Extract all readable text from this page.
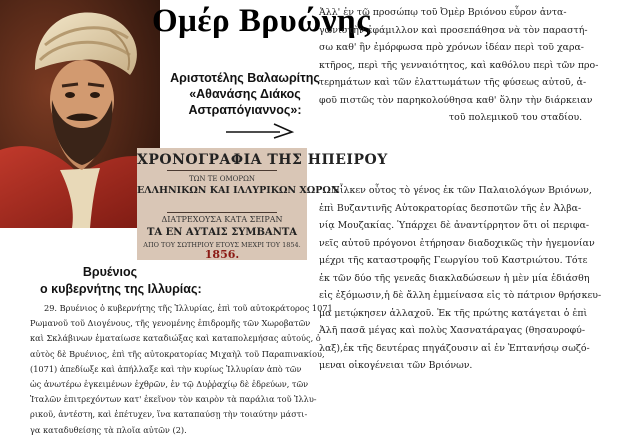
Ομέρ Βρυώνης
Αριστοτέλης Βαλαωρίτης
«Αθανάσης Διάκος
Αστραπόγιαννος»:
ΧΡΟΝΟΓΡΑΦΙΑ ΤΗΣ ΗΠΕΙΡΟΥ
ΤΩΝ ΤΕ ΟΜΟΡΩΝ
ΕΛΛΗΝΙΚΩΝ ΚΑΙ ΙΛΛΥΡΙΚΩΝ ΧΩΡΩΝ
ΔΙΑΤΡΕΧΟΥΣΑ ΚΑΤΑ ΣΕΙΡΑΝ
ΤΑ ΕΝ ΑΥΤΑΙΣ ΣΥΜΒΑΝΤΑ
ΑΠΟ ΤΟΥ ΣΩΤΗΡΙΟΥ ΕΤΟΥΣ ΜΕΧΡΙ ΤΟΥ 1854.
1856.
Βρυένιος
ο κυβερνήτης της Ιλλυρίας:
Ἀλλ' ἐν τῷ προσώπῳ τοῦ Ὀμὲρ Βριόνου εὗρον ἀντα-
γωνιστὴν ἐφάμιλλον καὶ προσεπάθησα νὰ τὸν παραστή-
σω καθ' ἣν ἐμόρφωσα πρὸ χρόνων ἰδέαν περὶ τοῦ χαρα-
κτῆρος, περὶ τῆς γενναιότητος, καὶ καθόλου περὶ τῶν προ-
τερημάτων καὶ τῶν ἐλαττωμάτων τῆς φύσεως αὐτοῦ, ἀ-
φοῦ πιστῶς τὸν παρηκολούθησα καθ' ὅλην τὴν διάρκειαν
τοῦ πολεμικοῦ του σταδίου.
Εἷλκεν οὗτος τὸ γένος ἐκ τῶν Παλαιολόγων Βριόνων,
ἐπὶ Βυζαντινῆς Αὐτοκρατορίας δεσποτῶν τῆς ἐν Ἀλβα-
νίᾳ Μουζακίας. Ὑπάρχει δὲ ἀναντίρρητον ὅτι οἱ περιφα-
νεῖς αὐτοῦ πρόγονοι ἐτήρησαν διαδοχικῶς τὴν ἡγεμονίαν
μέχρι τῆς καταστροφῆς Γεωργίου τοῦ Καστριώτου. Τότε
ἐκ τῶν δύο τῆς γενεᾶς διακλαδώσεων ἡ μὲν μία ἐδιάσθη
εἰς ἐξόμωσιν,ἡ δὲ ἄλλη ἐμμείνασα εἰς τὸ πάτριον θρήσκευ-
μα μετῴκησεν ἀλλαχοῦ. Ἐκ τῆς πρώτης κατάγεται ὁ ἐπὶ
Ἀλῆ πασᾶ μέγας καὶ πολὺς Χασνατάραγας (θησαυροφύ-
λαξ),ἐκ τῆς δευτέρας πηγάζουσιν αἱ ἐν Ἑπτανήσῳ σωζό-
μεναι οἰκογένειαι τῶν Βριόνων.
29. Βρυένιος ὁ κυβερνήτης τῆς Ἰλλυρίας, ἐπὶ τοῦ αὐτοκράτορος 1071
Ρωμανοῦ τοῦ Διογένους, τῆς γενομένης ἐπιδρομῆς τῶν Χωροβατῶν
καὶ Σκλάβινων ἐματαίωσε καταδιώξας καὶ καταπολεμήσας αὐτούς, ὁ
αὐτὸς δὲ Βρυένιος, ἐπὶ τῆς αὐτοκρατορίας Μιχαὴλ τοῦ Παραπινακίου,
(1071) ἀπεδίωξε καὶ ἀπήλλαξε καὶ τὴν κυρίως Ἰλλυρίαν ἀπὸ τῶν
ὡς ἀνωτέρω ἐγκειμένων ἐχθρῶν, ἐν τῷ Δυῤῥαχίῳ δὲ ἐδρεύων, τῶν
Ἰταλῶν ἐπιτρεχόντων κατ' ἐκεῖνον τὸν καιρὸν τὰ παράλια τοῦ Ἰλλυ-
ρικοῦ, ἀντέστη, καὶ ἐπέτυχεν, ἵνα καταπαύσῃ τὴν τοιαύτην μάστι-
γα καταδυθείσης τὰ πλοῖα αὐτῶν (2).
